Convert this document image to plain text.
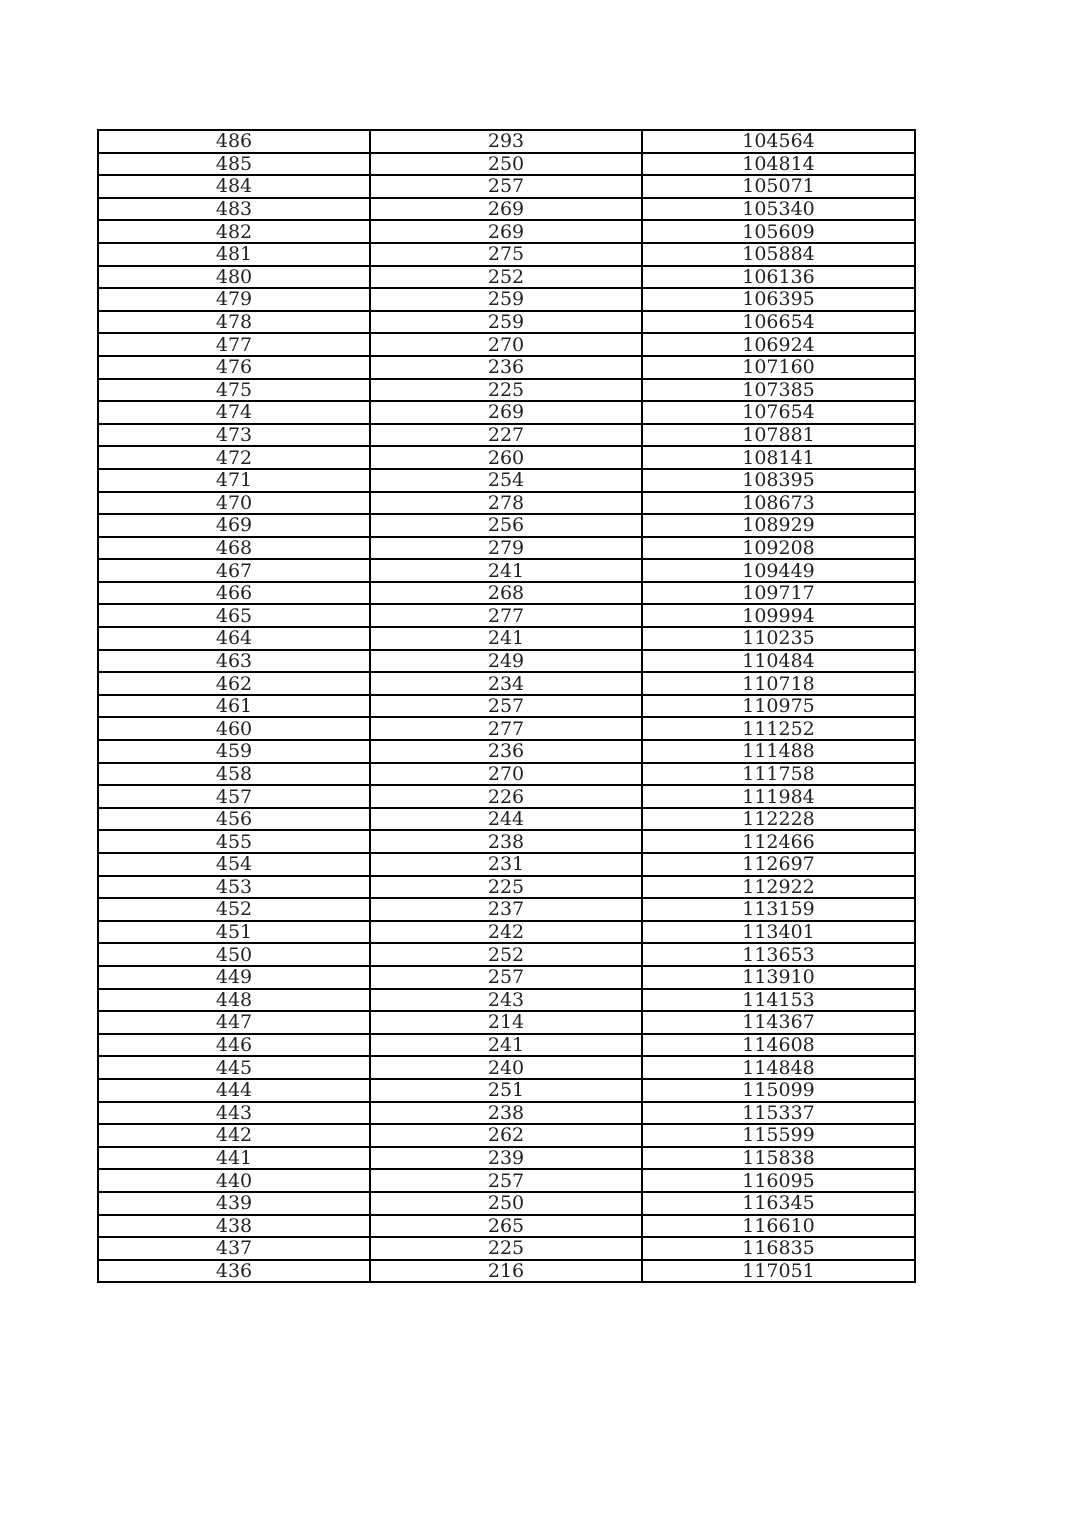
486	293	104564
485	250	104814
484	257	105071
483	269	105340
482	269	105609
481	275	105884
480	252	106136
479	259	106395
478	259	106654
477	270	106924
476	236	107160
475	225	107385
474	269	107654
473	227	107881
472	260	108141
471	254	108395
470	278	108673
469	256	108929
468	279	109208
467	241	109449
466	268	109717
465	277	109994
464	241	110235
463	249	110484
462	234	110718
461	257	110975
460	277	111252
459	236	111488
458	270	111758
457	226	111984
456	244	112228
455	238	112466
454	231	112697
453	225	112922
452	237	113159
451	242	113401
450	252	113653
449	257	113910
448	243	114153
447	214	114367
446	241	114608
445	240	114848
444	251	115099
443	238	115337
442	262	115599
441	239	115838
440	257	116095
439	250	116345
438	265	116610
437	225	116835
436	216	117051
